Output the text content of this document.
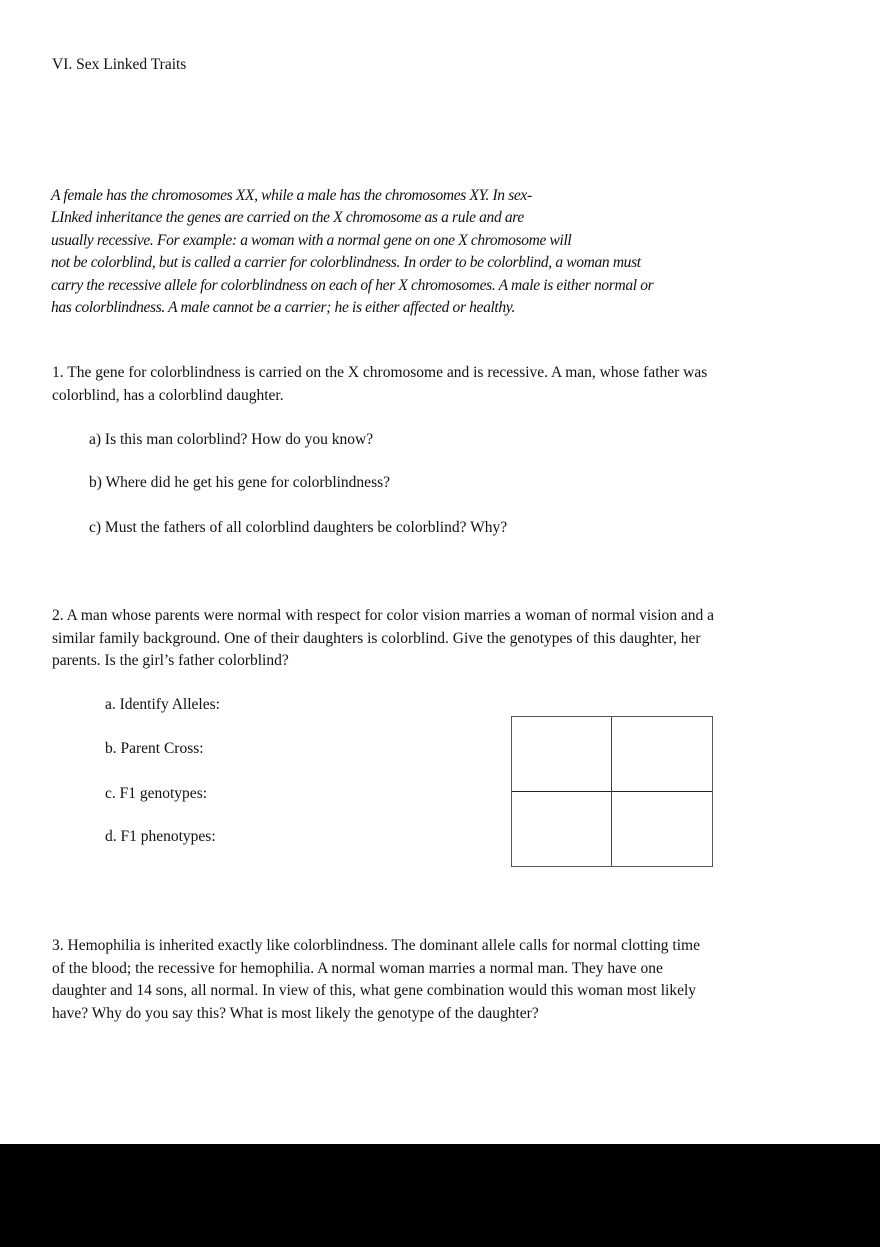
VI. Sex Linked Traits

A female has the chromosomes XX, while a male has the chromosomes XY. In sex-
LInked inheritance the genes are carried on the X chromosome as a rule and are
usually recessive. For example: a woman with a normal gene on one X chromosome will
not be colorblind, but is called a carrier for colorblindness. In order to be colorblind, a woman must
carry the recessive allele for colorblindness on each of her X chromosomes. A male is either normal or
has colorblindness. A male cannot be a carrier; he is either affected or healthy.
1. The gene for colorblindness is carried on the X chromosome and is recessive. A man, whose father was
colorblind, has a colorblind daughter.

a) Is this man colorblind? How do you know?

b) Where did he get his gene for colorblindness?

c) Must the fathers of all colorblind daughters be colorblind? Why?

2. A man whose parents were normal with respect for color vision marries a woman of normal vision and a
similar family background. One of their daughters is colorblind. Give the genotypes of this daughter, her
parents. Is the girl’s father colorblind?

a. Identify Alleles:

b. Parent Cross:

c. F1 genotypes:

d. F1 phenotypes:

3. Hemophilia is inherited exactly like colorblindness. The dominant allele calls for normal clotting time
of the blood; the recessive for hemophilia. A normal woman marries a normal man. They have one
daughter and 14 sons, all normal. In view of this, what gene combination would this woman most likely
have? Why do you say this? What is most likely the genotype of the daughter?
